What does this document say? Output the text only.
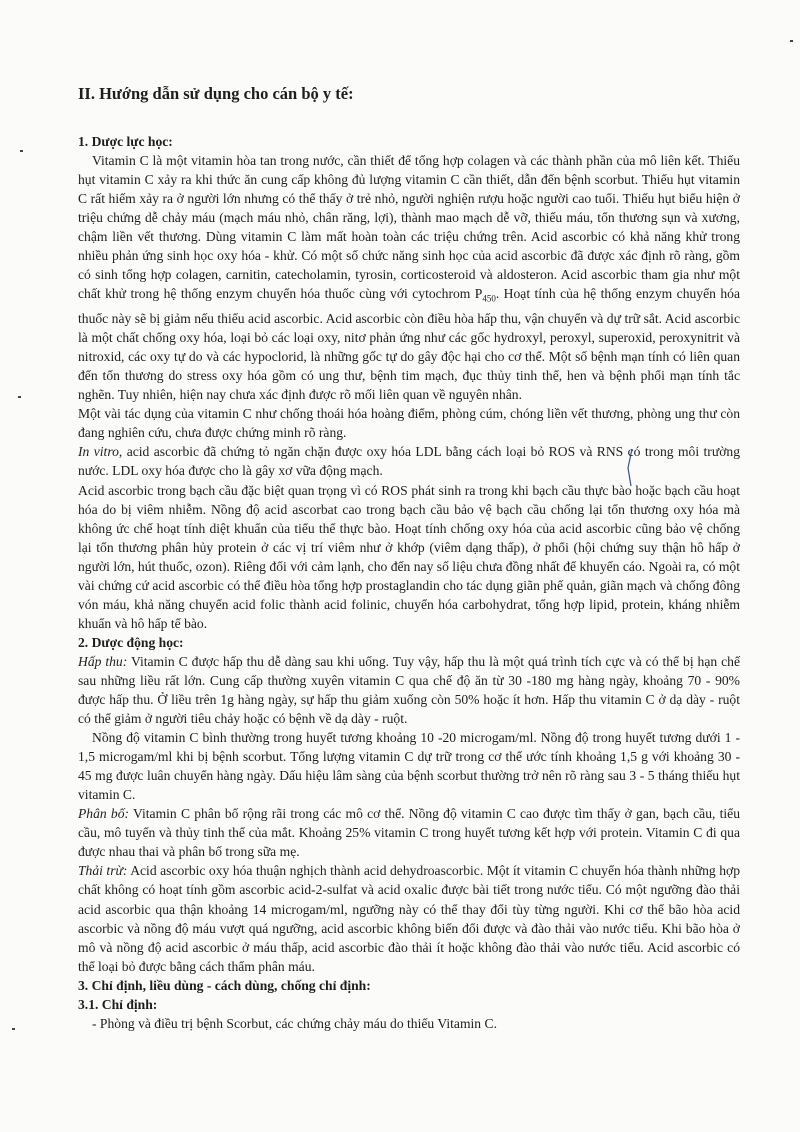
II. Hướng dẫn sử dụng cho cán bộ y tế:
1. Dược lực học:

Vitamin C là một vitamin hòa tan trong nước, cần thiết để tổng hợp colagen và các thành phần của mô liên kết. Thiếu hụt vitamin C xảy ra khi thức ăn cung cấp không đủ lượng vitamin C cần thiết, dẫn đến bệnh scorbut. Thiếu hụt vitamin C rất hiếm xảy ra ở người lớn nhưng có thể thấy ở trẻ nhỏ, người nghiện rượu hoặc người cao tuổi. Thiếu hụt biểu hiện ở triệu chứng dễ chảy máu (mạch máu nhỏ, chân răng, lợi), thành mao mạch dễ vỡ, thiếu máu, tổn thương sụn và xương, chậm liền vết thương. Dùng vitamin C làm mất hoàn toàn các triệu chứng trên. Acid ascorbic có khả năng khử trong nhiều phản ứng sinh học oxy hóa - khử. Có một số chức năng sinh học của acid ascorbic đã được xác định rõ ràng, gồm có sinh tổng hợp colagen, carnitin, catecholamin, tyrosin, corticosteroid và aldosteron. Acid ascorbic tham gia như một chất khử trong hệ thống enzym chuyển hóa thuốc cùng với cytochrom $P_{450}$. Hoạt tính của hệ thống enzym chuyển hóa thuốc này sẽ bị giảm nếu thiếu acid ascorbic. Acid ascorbic còn điều hòa hấp thu, vận chuyển và dự trữ sắt. Acid ascorbic là một chất chống oxy hóa, loại bỏ các loại oxy, nitơ phản ứng như các gốc hydroxyl, peroxyl, superoxid, peroxynitrit và nitroxid, các oxy tự do và các hypoclorid, là những gốc tự do gây độc hại cho cơ thể. Một số bệnh mạn tính có liên quan đến tổn thương do stress oxy hóa gồm có ung thư, bệnh tim mạch, đục thủy tinh thể, hen và bệnh phổi mạn tính tắc nghẽn. Tuy nhiên, hiện nay chưa xác định được rõ mối liên quan về nguyên nhân.

Một vài tác dụng của vitamin C như chống thoái hóa hoàng điểm, phòng cúm, chóng liền vết thương, phòng ung thư còn đang nghiên cứu, chưa được chứng minh rõ ràng.

In vitro, acid ascorbic đã chứng tỏ ngăn chặn được oxy hóa LDL bằng cách loại bỏ ROS và RNS có trong môi trường nước. LDL oxy hóa được cho là gây xơ vữa động mạch.

Acid ascorbic trong bạch cầu đặc biệt quan trọng vì có ROS phát sinh ra trong khi bạch cầu thực bào hoặc bạch cầu hoạt hóa do bị viêm nhiễm. Nồng độ acid ascorbat cao trong bạch cầu bảo vệ bạch cầu chống lại tổn thương oxy hóa mà không ức chế hoạt tính diệt khuẩn của tiểu thể thực bào. Hoạt tính chống oxy hóa của acid ascorbic cũng bảo vệ chống lại tổn thương phân hủy protein ở các vị trí viêm như ở khớp (viêm dạng thấp), ở phổi (hội chứng suy thận hô hấp ở người lớn, hút thuốc, ozon). Riêng đối với cảm lạnh, cho đến nay số liệu chưa đồng nhất để khuyến cáo. Ngoài ra, có một vài chứng cứ acid ascorbic có thể điều hòa tổng hợp prostaglandin cho tác dụng giãn phế quản, giãn mạch và chống đông vón máu, khả năng chuyển acid folic thành acid folinic, chuyển hóa carbohydrat, tổng hợp lipid, protein, kháng nhiễm khuẩn và hô hấp tế bào.

2. Dược động học:

Hấp thu: Vitamin C được hấp thu dễ dàng sau khi uống. Tuy vậy, hấp thu là một quá trình tích cực và có thể bị hạn chế sau những liều rất lớn. Cung cấp thường xuyên vitamin C qua chế độ ăn từ 30 -180 mg hàng ngày, khoảng 70 - 90% được hấp thu. Ở liều trên 1g hàng ngày, sự hấp thu giảm xuống còn 50% hoặc ít hơn. Hấp thu vitamin C ở dạ dày - ruột có thể giảm ở người tiêu chảy hoặc có bệnh về dạ dày - ruột.

Nồng độ vitamin C bình thường trong huyết tương khoảng 10 -20 microgam/ml. Nồng độ trong huyết tương dưới 1 - 1,5 microgam/ml khi bị bệnh scorbut. Tổng lượng vitamin C dự trữ trong cơ thể ước tính khoảng 1,5 g với khoảng 30 - 45 mg được luân chuyển hàng ngày. Dấu hiệu lâm sàng của bệnh scorbut thường trở nên rõ ràng sau 3 - 5 tháng thiếu hụt vitamin C.

Phân bố: Vitamin C phân bố rộng rãi trong các mô cơ thể. Nồng độ vitamin C cao được tìm thấy ở gan, bạch cầu, tiểu cầu, mô tuyến và thủy tinh thể của mắt. Khoảng 25% vitamin C trong huyết tương kết hợp với protein. Vitamin C đi qua được nhau thai và phân bố trong sữa mẹ.

Thải trừ: Acid ascorbic oxy hóa thuận nghịch thành acid dehydroascorbic. Một ít vitamin C chuyển hóa thành những hợp chất không có hoạt tính gồm ascorbic acid-2-sulfat và acid oxalic được bài tiết trong nước tiểu. Có một ngưỡng đào thải acid ascorbic qua thận khoảng 14 microgam/ml, ngưỡng này có thể thay đổi tùy từng người. Khi cơ thể bão hòa acid ascorbic và nồng độ máu vượt quá ngưỡng, acid ascorbic không biến đổi được và đào thải vào nước tiểu. Khi bão hòa ở mô và nồng độ acid ascorbic ở máu thấp, acid ascorbic đào thải ít hoặc không đào thải vào nước tiểu. Acid ascorbic có thể loại bỏ được bằng cách thẩm phân máu.

3. Chỉ định, liều dùng - cách dùng, chống chỉ định:
3.1. Chỉ định:

- Phòng và điều trị bệnh Scorbut, các chứng chảy máu do thiếu Vitamin C.
